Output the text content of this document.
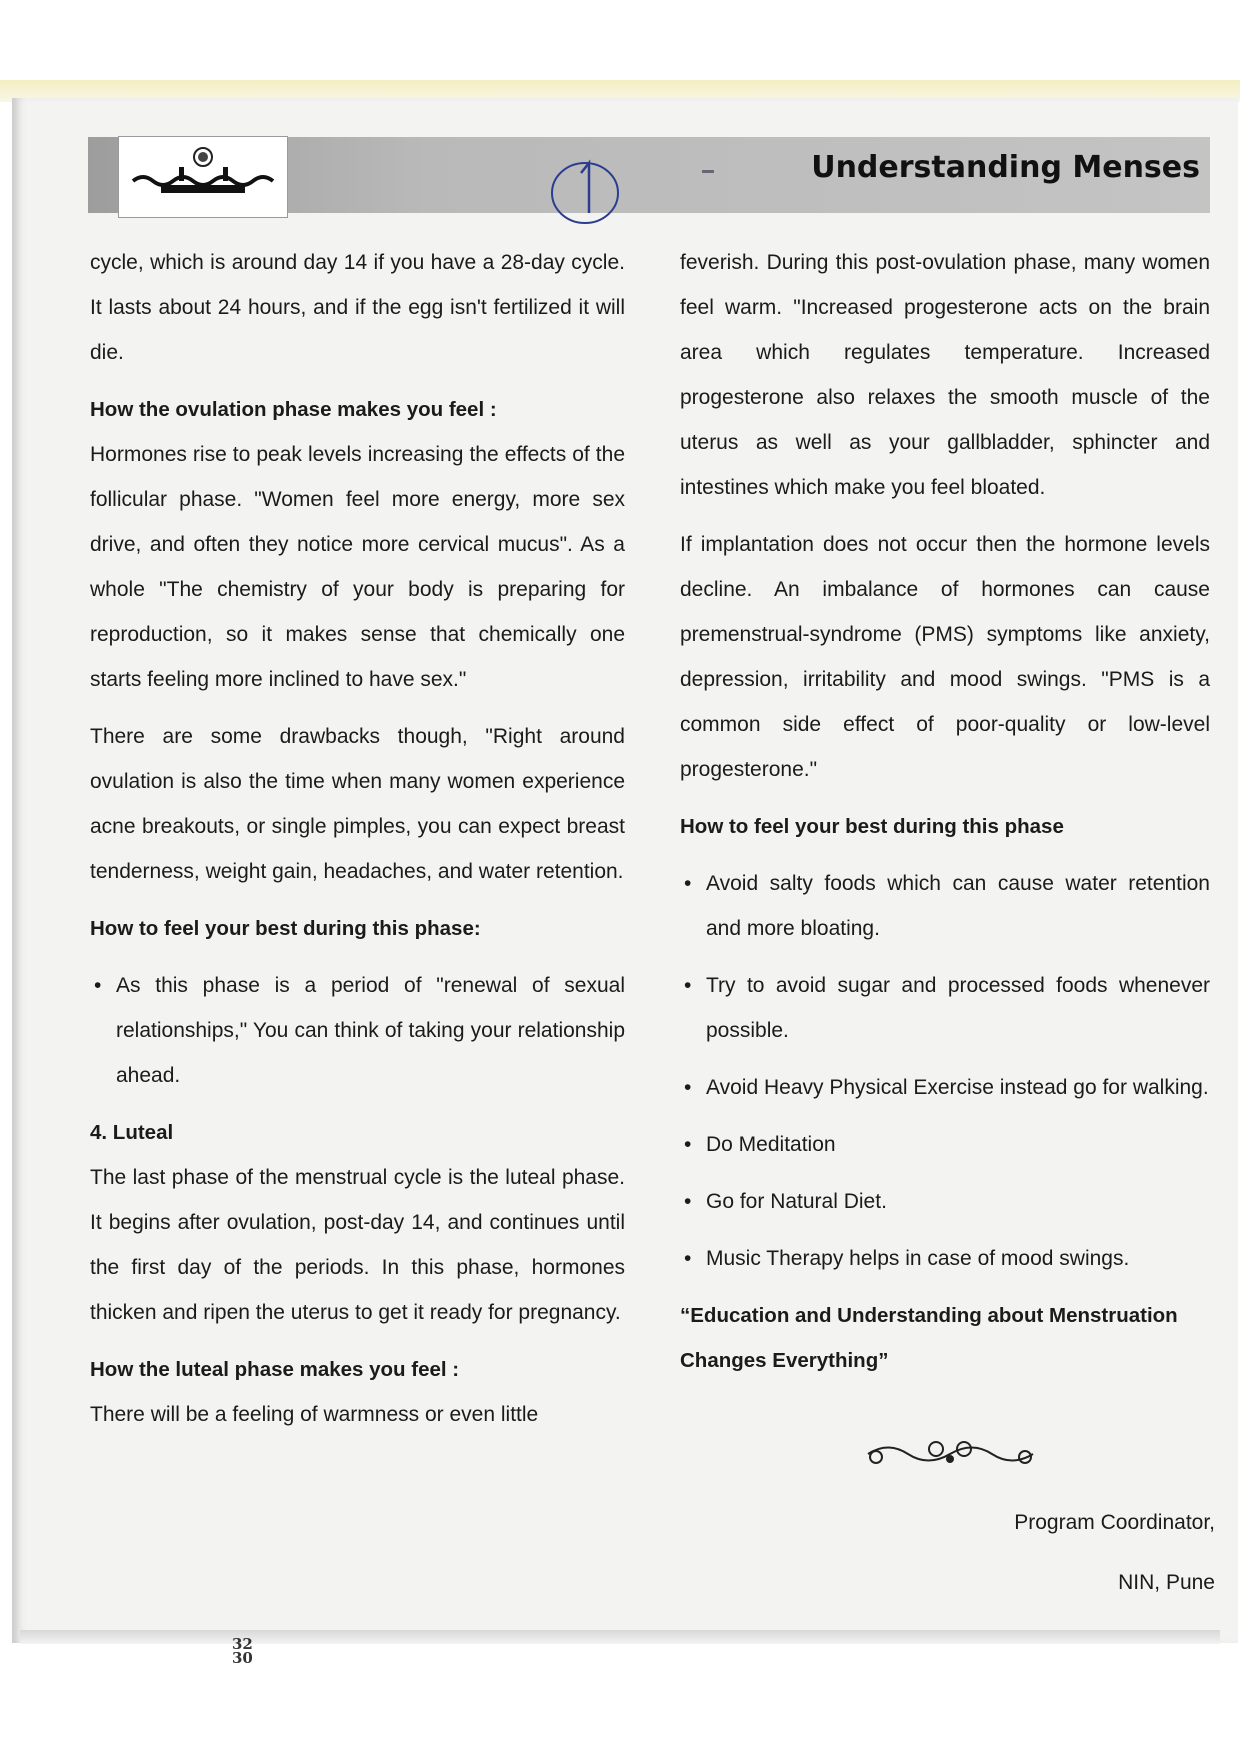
Understanding Menses

cycle, which is around day 14 if you have a 28-day cycle. It lasts about 24 hours, and if the egg isn't fertilized it will die.

How the ovulation phase makes you feel :

Hormones rise to peak levels increasing the effects of the follicular phase. "Women feel more energy, more sex drive, and often they notice more cervical mucus". As a whole "The chemistry of your body is preparing for reproduction, so it makes sense that chemically one starts feeling more inclined to have sex."

There are some drawbacks though, "Right around ovulation is also the time when many women experience acne breakouts, or single pimples, you can expect breast tenderness, weight gain, headaches, and water retention.

How to feel your best during this phase:

• As this phase is a period of "renewal of sexual relationships," You can think of taking your relationship ahead.

4. Luteal

The last phase of the menstrual cycle is the luteal phase. It begins after ovulation, post-day 14, and continues until the first day of the periods. In this phase, hormones thicken and ripen the uterus to get it ready for pregnancy.

How the luteal phase makes you feel :

There will be a feeling of warmness or even little

feverish. During this post-ovulation phase, many women feel warm. "Increased progesterone acts on the brain area which regulates temperature. Increased progesterone also relaxes the smooth muscle of the uterus as well as your gallbladder, sphincter and intestines which make you feel bloated.

If implantation does not occur then the hormone levels decline. An imbalance of hormones can cause premenstrual-syndrome (PMS) symptoms like anxiety, depression, irritability and mood swings. "PMS is a common side effect of poor-quality or low-level progesterone."

How to feel your best during this phase

• Avoid salty foods which can cause water retention and more bloating.
• Try to avoid sugar and processed foods whenever possible.
• Avoid Heavy Physical Exercise instead go for walking.
• Do Meditation
• Go for Natural Diet.
• Music Therapy helps in case of mood swings.

“Education and Understanding about Menstruation Changes Everything”

Program Coordinator,
NIN, Pune
32
30
